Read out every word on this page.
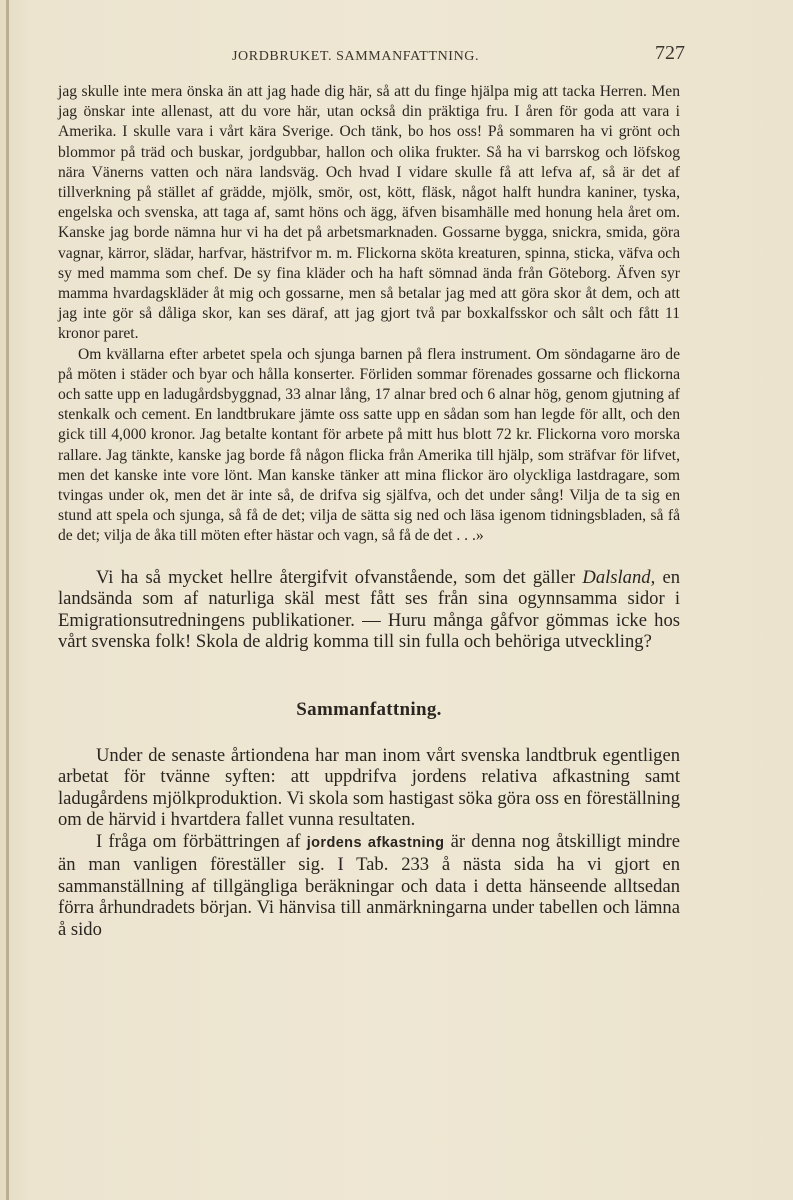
JORDBRUKET. SAMMANFATTNING.	727

jag skulle inte mera önska än att jag hade dig här, så att du finge hjälpa mig att tacka Herren. Men jag önskar inte allenast, att du vore här, utan också din präktiga fru. I åren för goda att vara i Amerika. I skulle vara i vårt kära Sverige. Och tänk, bo hos oss! På sommaren ha vi grönt och blommor på träd och buskar, jordgubbar, hallon och olika frukter. Så ha vi barrskog och löfskog nära Vänerns vatten och nära landsväg. Och hvad I vidare skulle få att lefva af, så är det af tillverkning på stället af grädde, mjölk, smör, ost, kött, fläsk, något halft hundra kaniner, tyska, engelska och svenska, att taga af, samt höns och ägg, äfven bisamhälle med honung hela året om. Kanske jag borde nämna hur vi ha det på arbetsmarknaden. Gossarne bygga, snickra, smida, göra vagnar, kärror, slädar, harfvar, hästrifvor m. m. Flickorna sköta kreaturen, spinna, sticka, väfva och sy med mamma som chef. De sy fina kläder och ha haft sömnad ända från Göteborg. Äfven syr mamma hvardagskläder åt mig och gossarne, men så betalar jag med att göra skor åt dem, och att jag inte gör så dåliga skor, kan ses däraf, att jag gjort två par boxkalfsskor och sålt och fått 11 kronor paret.

Om kvällarna efter arbetet spela och sjunga barnen på flera instrument. Om söndagarne äro de på möten i städer och byar och hålla konserter. Förliden sommar förenades gossarne och flickorna och satte upp en ladugårdsbyggnad, 33 alnar lång, 17 alnar bred och 6 alnar hög, genom gjutning af stenkalk och cement. En landtbrukare jämte oss satte upp en sådan som han legde för allt, och den gick till 4,000 kronor. Jag betalte kontant för arbete på mitt hus blott 72 kr. Flickorna voro morska rallare. Jag tänkte, kanske jag borde få någon flicka från Amerika till hjälp, som sträfvar för lifvet, men det kanske inte vore lönt. Man kanske tänker att mina flickor äro olyckliga lastdragare, som tvingas under ok, men det är inte så, de drifva sig själfva, och det under sång! Vilja de ta sig en stund att spela och sjunga, så få de det; vilja de sätta sig ned och läsa igenom tidningsbladen, så få de det; vilja de åka till möten efter hästar och vagn, så få de det . . .»

Vi ha så mycket hellre återgifvit ofvanstående, som det gäller Dalsland, en landsända som af naturliga skäl mest fått ses från sina ogynnsamma sidor i Emigrationsutredningens publikationer. — Huru många gåfvor gömmas icke hos vårt svenska folk! Skola de aldrig komma till sin fulla och behöriga utveckling?

Sammanfattning.

Under de senaste årtiondena har man inom vårt svenska landtbruk egentligen arbetat för tvänne syften: att uppdrifva jordens relativa afkastning samt ladugårdens mjölkproduktion. Vi skola som hastigast söka göra oss en föreställning om de härvid i hvartdera fallet vunna resultaten.

I fråga om förbättringen af jordens afkastning är denna nog åtskilligt mindre än man vanligen föreställer sig. I Tab. 233 å nästa sida ha vi gjort en sammanställning af tillgängliga beräkningar och data i detta hänseende alltsedan förra århundradets början. Vi hänvisa till anmärkningarna under tabellen och lämna å sido
